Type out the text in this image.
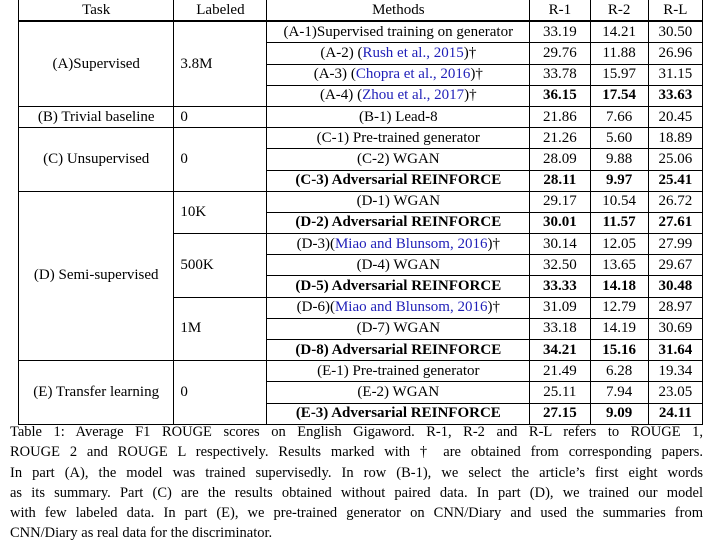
Task	Labeled	Methods	R-1	R-2	R-L
(A)Supervised	3.8M	(A-1)Supervised training on generator	33.19	14.21	30.50
		(A-2) (Rush et al., 2015)†	29.76	11.88	26.96
		(A-3) (Chopra et al., 2016)†	33.78	15.97	31.15
		(A-4) (Zhou et al., 2017)†	36.15	17.54	33.63
(B) Trivial baseline	0	(B-1) Lead-8	21.86	7.66	20.45
(C) Unsupervised	0	(C-1) Pre-trained generator	21.26	5.60	18.89
		(C-2) WGAN	28.09	9.88	25.06
		(C-3) Adversarial REINFORCE	28.11	9.97	25.41
(D) Semi-supervised	10K	(D-1) WGAN	29.17	10.54	26.72
		(D-2) Adversarial REINFORCE	30.01	11.57	27.61
	500K	(D-3)(Miao and Blunsom, 2016)†	30.14	12.05	27.99
		(D-4) WGAN	32.50	13.65	29.67
		(D-5) Adversarial REINFORCE	33.33	14.18	30.48
	1M	(D-6)(Miao and Blunsom, 2016)†	31.09	12.79	28.97
		(D-7) WGAN	33.18	14.19	30.69
		(D-8) Adversarial REINFORCE	34.21	15.16	31.64
(E) Transfer learning	0	(E-1) Pre-trained generator	21.49	6.28	19.34
		(E-2) WGAN	25.11	7.94	23.05
		(E-3) Adversarial REINFORCE	27.15	9.09	24.11
Table 1: Average F1 ROUGE scores on English Gigaword. R-1, R-2 and R-L refers to ROUGE 1,
ROUGE 2 and ROUGE L respectively. Results marked with † are obtained from corresponding papers.
In part (A), the model was trained supervisedly. In row (B-1), we select the article’s first eight words
as its summary. Part (C) are the results obtained without paired data. In part (D), we trained our model
with few labeled data. In part (E), we pre-trained generator on CNN/Diary and used the summaries from
CNN/Diary as real data for the discriminator.
